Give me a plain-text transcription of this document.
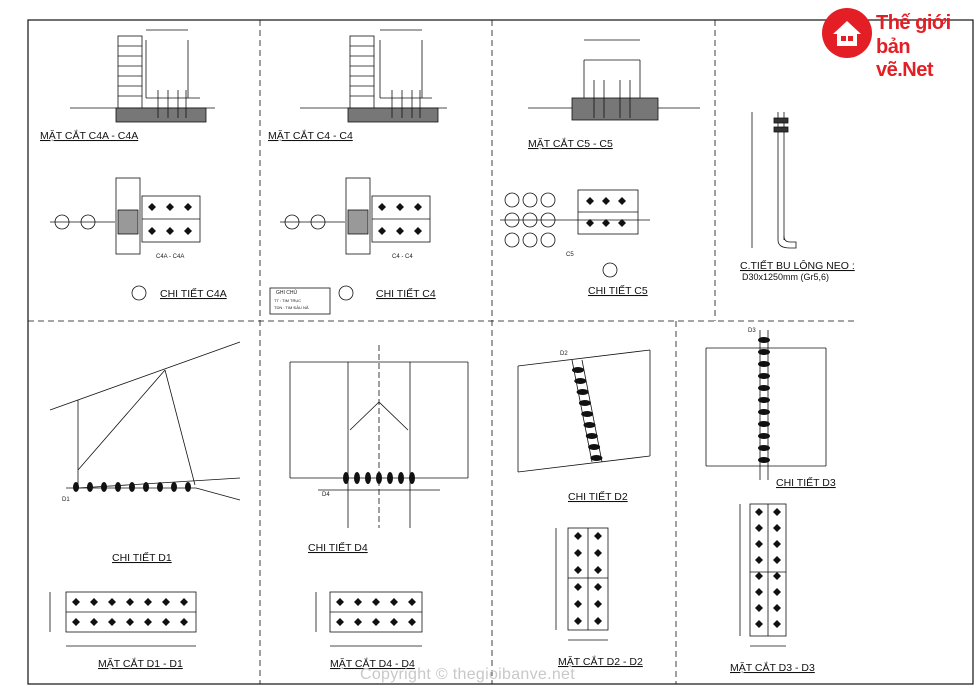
MẶT CẮT C4A - C4A	MẶT CẮT C4 - C4
MẶT CẮT C5 - C5
CHI TIẾT C4A	CHI TIẾT C4	CHI TIẾT C5
C.TIẾT BU LÔNG NEO :
D30x1250mm (Gr5,6)
CHI TIẾT D1
CHI TIẾT D4
CHI TIẾT D2
CHI TIẾT D3
MẶT CẮT D1 - D1	MẶT CẮT D4 - D4	MẶT CẮT D2 - D2	MẶT CẮT D3 - D3
C4A - C4A	C4 - C4	C5
D1
D2
D3
D4
GHI CHÚ
TT : TIM TRỤC
TDN : TIM ĐẦU NÃ
Thế giới
bản vẽ.Net
Copyright © thegioibanve.net
